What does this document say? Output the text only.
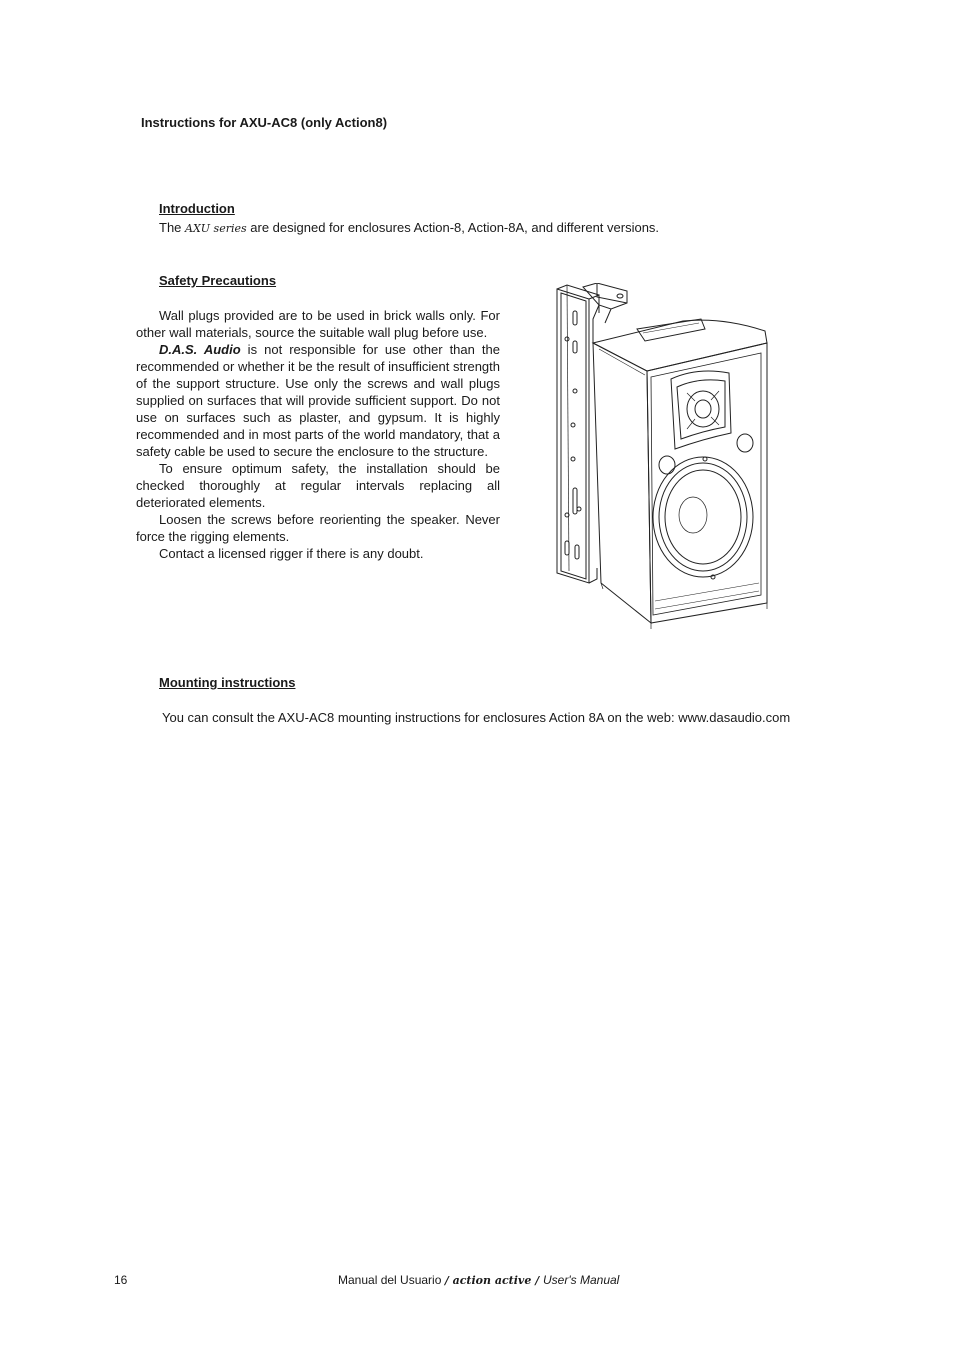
Instructions for AXU-AC8 (only Action8)
Introduction
The AXU series are designed for enclosures Action-8, Action-8A, and different versions.
Safety Precautions

Wall plugs provided are to be used in brick walls only. For other wall materials, source the suitable wall plug before use.

D.A.S. Audio is not responsible for use other than the recommended or whether it be the result of insufficient strength of the support structure. Use only the screws and wall plugs supplied on surfaces that will provide sufficient support. Do not use on surfaces such as plaster, and gypsum. It is highly recommended and in most parts of the world mandatory, that a safety cable be used to secure the enclosure to the structure.

To ensure optimum safety, the installation should be checked thoroughly at regular intervals replacing all deteriorated elements.

Loosen the screws before reorienting the speaker. Never force the rigging elements.

Contact a licensed rigger if there is any doubt.

Mounting instructions

You can consult the AXU-AC8 mounting instructions for enclosures Action 8A on the web: www.dasaudio.com

16	Manual del Usuario / action active / User's Manual
